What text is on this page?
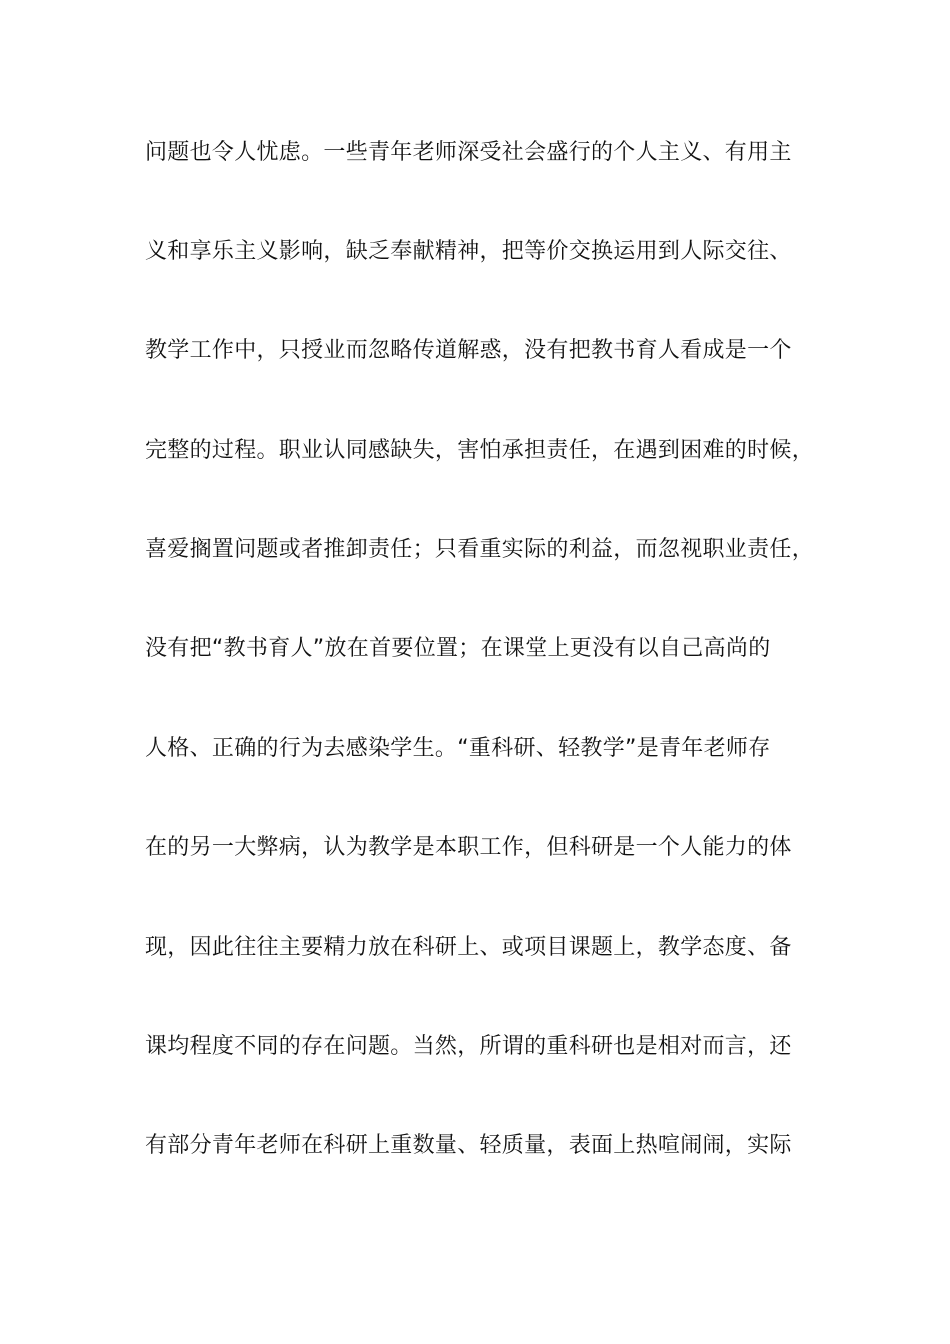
问题也令人忧虑。一些青年老师深受社会盛行的个人主义、有用主
义和享乐主义影响，缺乏奉献精神，把等价交换运用到人际交往、
教学工作中，只授业而忽略传道解惑，没有把教书育人看成是一个
完整的过程。职业认同感缺失，害怕承担责任，在遇到困难的时候，
喜爱搁置问题或者推卸责任；只看重实际的利益，而忽视职业责任，
没有把“教书育人”放在首要位置；在课堂上更没有以自己高尚的
人格、正确的行为去感染学生。“重科研、轻教学”是青年老师存
在的另一大弊病，认为教学是本职工作，但科研是一个人能力的体
现，因此往往主要精力放在科研上、或项目课题上，教学态度、备
课均程度不同的存在问题。当然，所谓的重科研也是相对而言，还
有部分青年老师在科研上重数量、轻质量，表面上热喧闹闹，实际
